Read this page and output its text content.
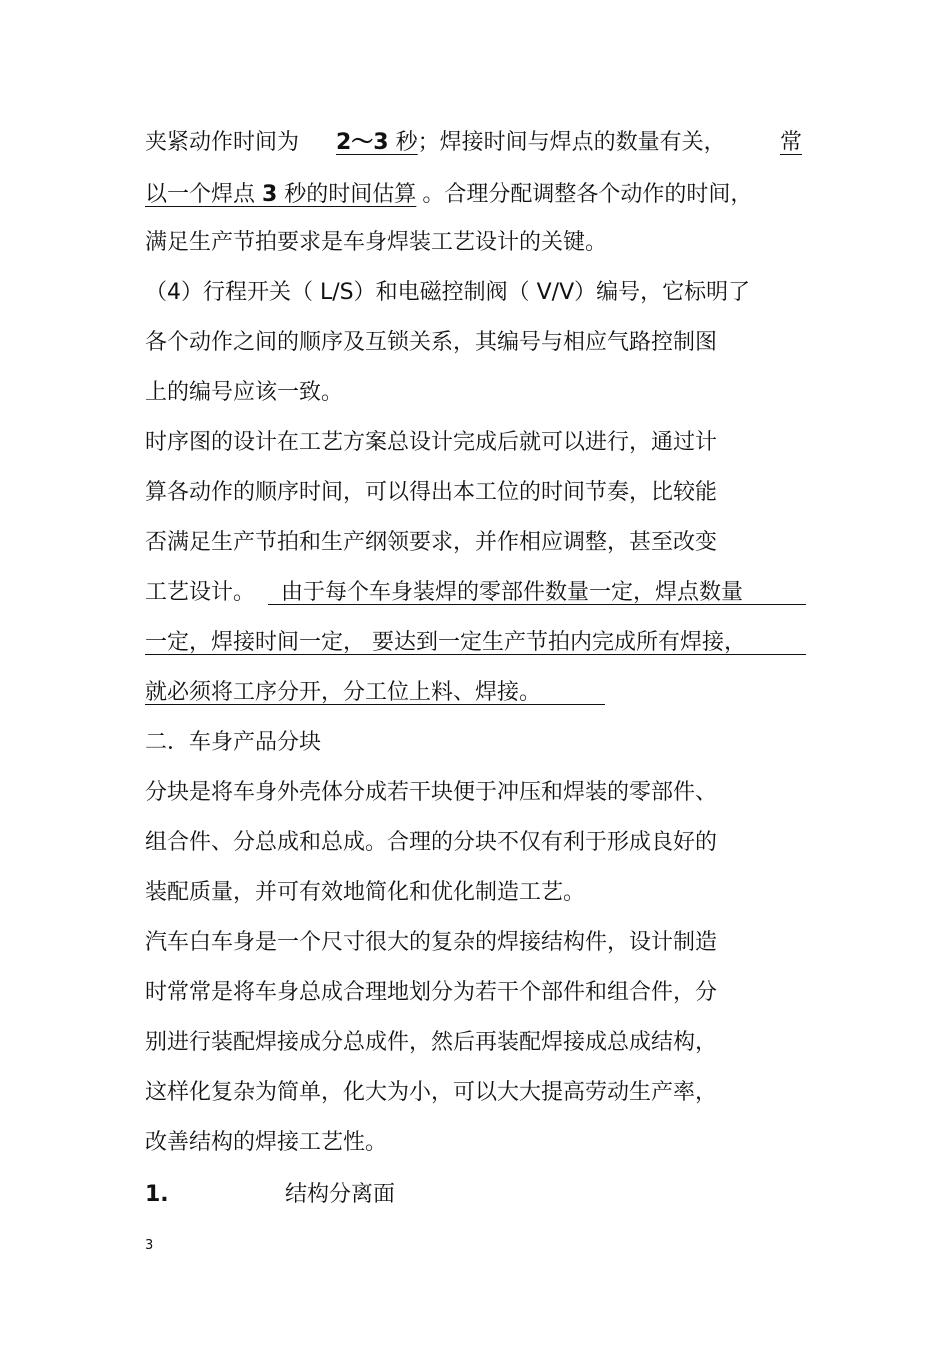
夹紧动作时间为 2～3 秒；焊接时间与焊点的数量有关， 常
以一个焊点 3 秒的时间估算 。合理分配调整各个动作的时间，
满足生产节拍要求是车身焊装工艺设计的关键。
（4）行程开关（ L/S）和电磁控制阀（ V/V）编号，它标明了
各个动作之间的顺序及互锁关系，其编号与相应气路控制图
上的编号应该一致。
时序图的设计在工艺方案总设计完成后就可以进行，通过计
算各动作的顺序时间，可以得出本工位的时间节奏，比较能
否满足生产节拍和生产纲领要求，并作相应调整，甚至改变
工艺设计。 由于每个车身装焊的零部件数量一定，焊点数量
一定，焊接时间一定， 要达到一定生产节拍内完成所有焊接，
就必须将工序分开，分工位上料、焊接。
二．车身产品分块
分块是将车身外壳体分成若干块便于冲压和焊装的零部件、
组合件、分总成和总成。合理的分块不仅有利于形成良好的
装配质量，并可有效地简化和优化制造工艺。
汽车白车身是一个尺寸很大的复杂的焊接结构件，设计制造
时常常是将车身总成合理地划分为若干个部件和组合件，分
别进行装配焊接成分总成件，然后再装配焊接成总成结构，
这样化复杂为简单，化大为小，可以大大提高劳动生产率，
改善结构的焊接工艺性。
1.	结构分离面
3
